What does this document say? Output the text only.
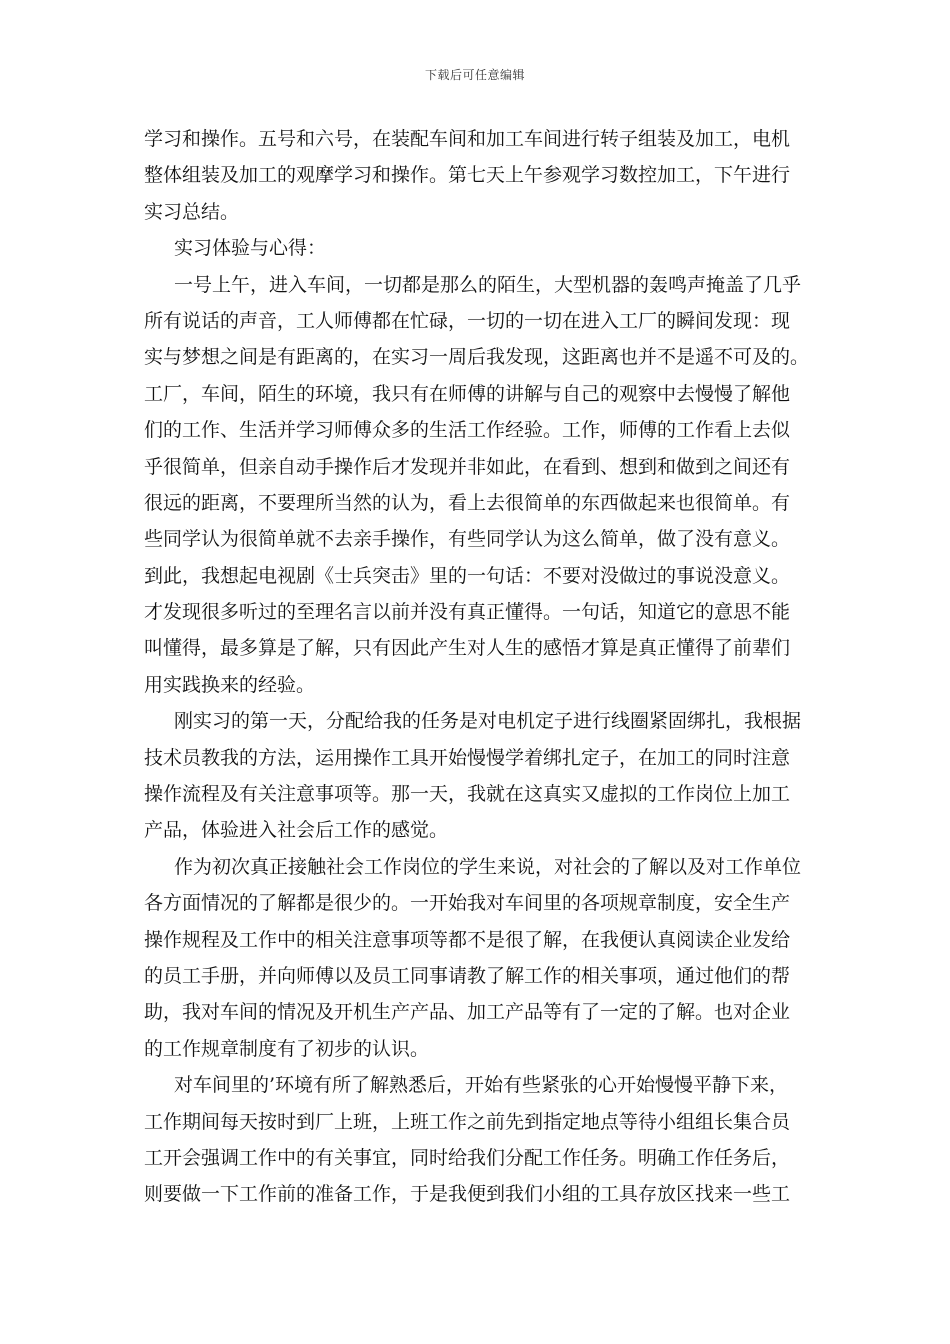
下载后可任意编辑
学习和操作。五号和六号，在装配车间和加工车间进行转子组装及加工，电机
整体组装及加工的观摩学习和操作。第七天上午参观学习数控加工，下午进行
实习总结。
实习体验与心得：
一号上午，进入车间，一切都是那么的陌生，大型机器的轰鸣声掩盖了几乎
所有说话的声音，工人师傅都在忙碌，一切的一切在进入工厂的瞬间发现：现
实与梦想之间是有距离的，在实习一周后我发现，这距离也并不是遥不可及的。
工厂，车间，陌生的环境，我只有在师傅的讲解与自己的观察中去慢慢了解他
们的工作、生活并学习师傅众多的生活工作经验。工作，师傅的工作看上去似
乎很简单，但亲自动手操作后才发现并非如此，在看到、想到和做到之间还有
很远的距离，不要理所当然的认为，看上去很简单的东西做起来也很简单。有
些同学认为很简单就不去亲手操作，有些同学认为这么简单，做了没有意义。
到此，我想起电视剧《士兵突击》里的一句话：不要对没做过的事说没意义。
才发现很多听过的至理名言以前并没有真正懂得。一句话，知道它的意思不能
叫懂得，最多算是了解，只有因此产生对人生的感悟才算是真正懂得了前辈们
用实践换来的经验。
刚实习的第一天，分配给我的任务是对电机定子进行线圈紧固绑扎，我根据
技术员教我的方法，运用操作工具开始慢慢学着绑扎定子，在加工的同时注意
操作流程及有关注意事项等。那一天，我就在这真实又虚拟的工作岗位上加工
产品，体验进入社会后工作的感觉。
作为初次真正接触社会工作岗位的学生来说，对社会的了解以及对工作单位
各方面情况的了解都是很少的。一开始我对车间里的各项规章制度，安全生产
操作规程及工作中的相关注意事项等都不是很了解，在我便认真阅读企业发给
的员工手册，并向师傅以及员工同事请教了解工作的相关事项，通过他们的帮
助，我对车间的情况及开机生产产品、加工产品等有了一定的了解。也对企业
的工作规章制度有了初步的认识。
对车间里的’环境有所了解熟悉后，开始有些紧张的心开始慢慢平静下来，
工作期间每天按时到厂上班，上班工作之前先到指定地点等待小组组长集合员
工开会强调工作中的有关事宜，同时给我们分配工作任务。明确工作任务后，
则要做一下工作前的准备工作，于是我便到我们小组的工具存放区找来一些工
